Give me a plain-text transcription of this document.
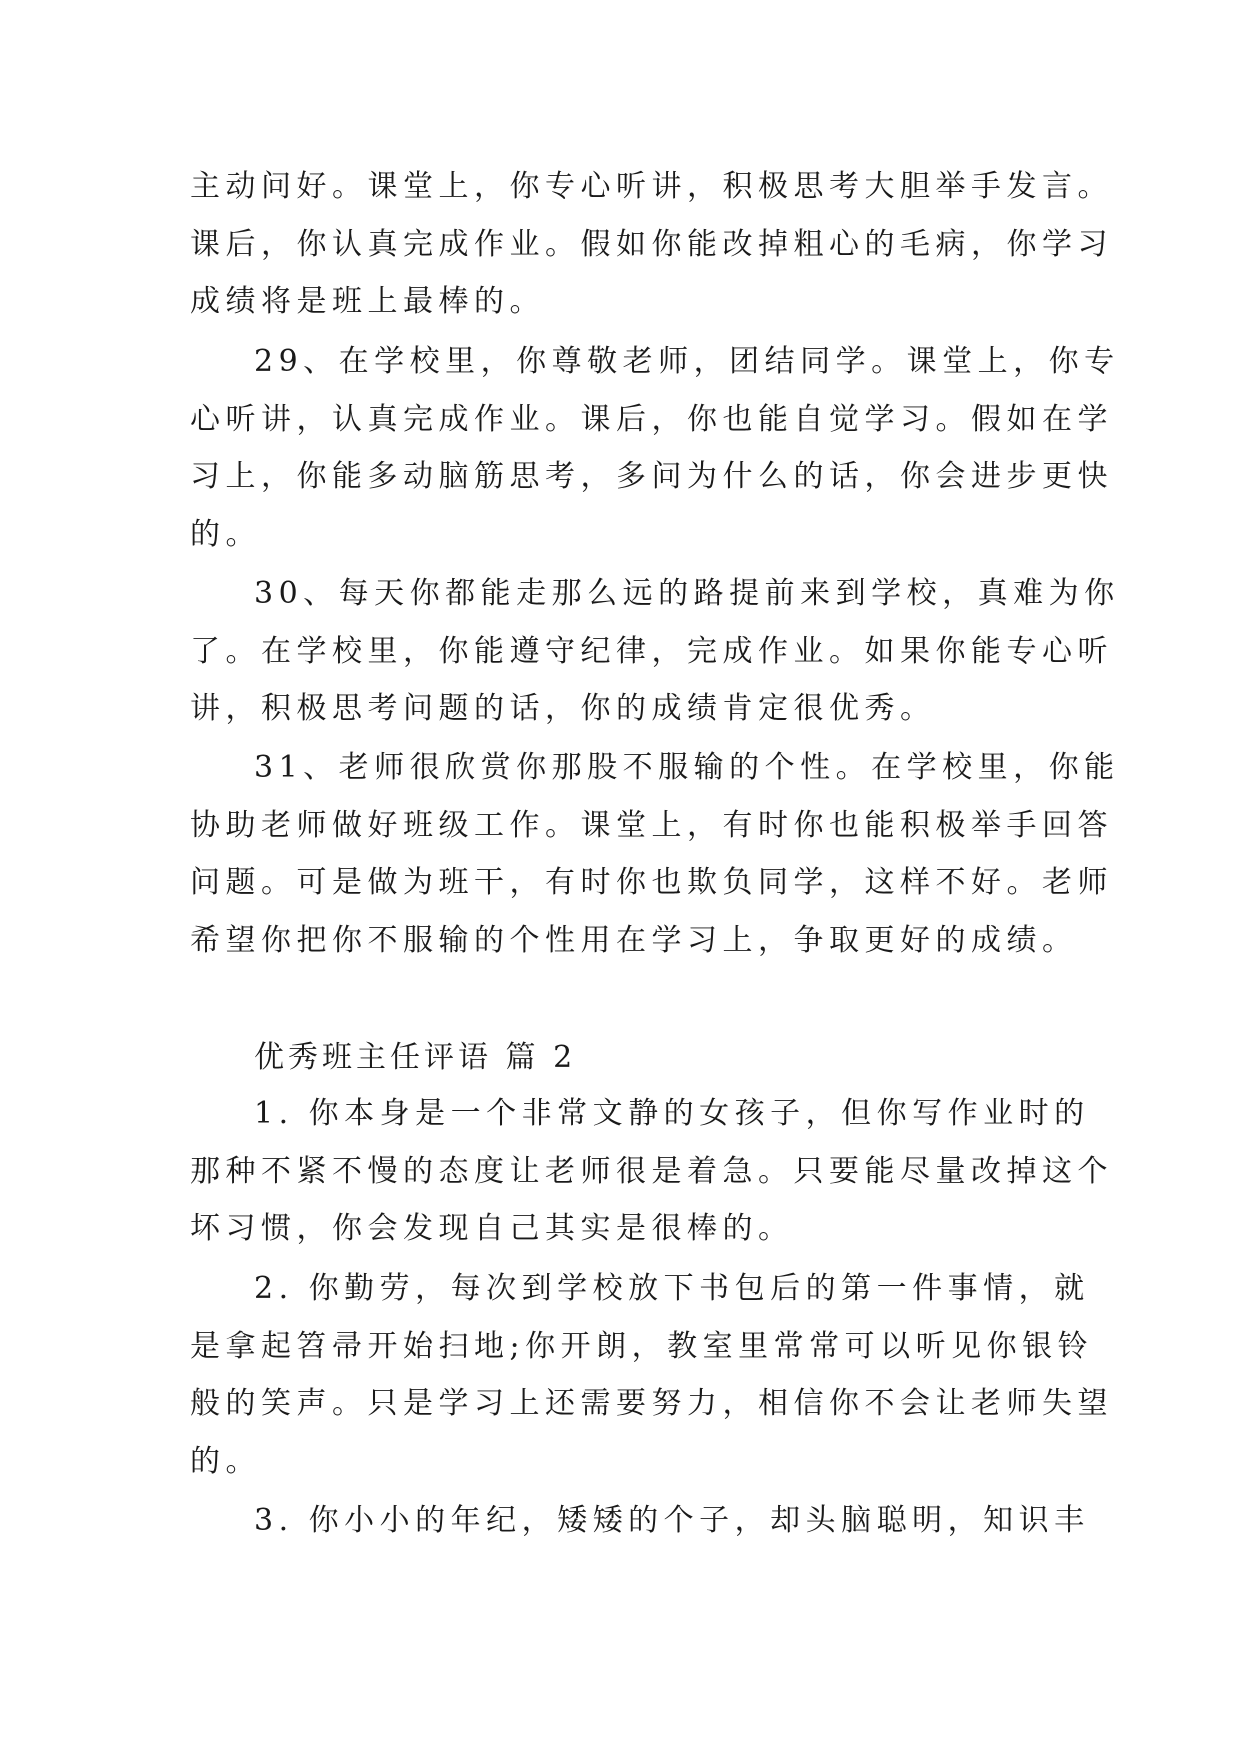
主动问好。课堂上，你专心听讲，积极思考大胆举手发言。
课后，你认真完成作业。假如你能改掉粗心的毛病，你学习
成绩将是班上最棒的。
29、在学校里，你尊敬老师，团结同学。课堂上，你专
心听讲，认真完成作业。课后，你也能自觉学习。假如在学
习上，你能多动脑筋思考，多问为什么的话，你会进步更快
的。
30、每天你都能走那么远的路提前来到学校，真难为你
了。在学校里，你能遵守纪律，完成作业。如果你能专心听
讲，积极思考问题的话，你的成绩肯定很优秀。
31、老师很欣赏你那股不服输的个性。在学校里，你能
协助老师做好班级工作。课堂上，有时你也能积极举手回答
问题。可是做为班干，有时你也欺负同学，这样不好。老师
希望你把你不服输的个性用在学习上，争取更好的成绩。
优秀班主任评语 篇 2
1. 你本身是一个非常文静的女孩子，但你写作业时的
那种不紧不慢的态度让老师很是着急。只要能尽量改掉这个
坏习惯，你会发现自己其实是很棒的。
2. 你勤劳，每次到学校放下书包后的第一件事情，就
是拿起笤帚开始扫地;你开朗，教室里常常可以听见你银铃
般的笑声。只是学习上还需要努力，相信你不会让老师失望
的。
3. 你小小的年纪，矮矮的个子，却头脑聪明，知识丰
